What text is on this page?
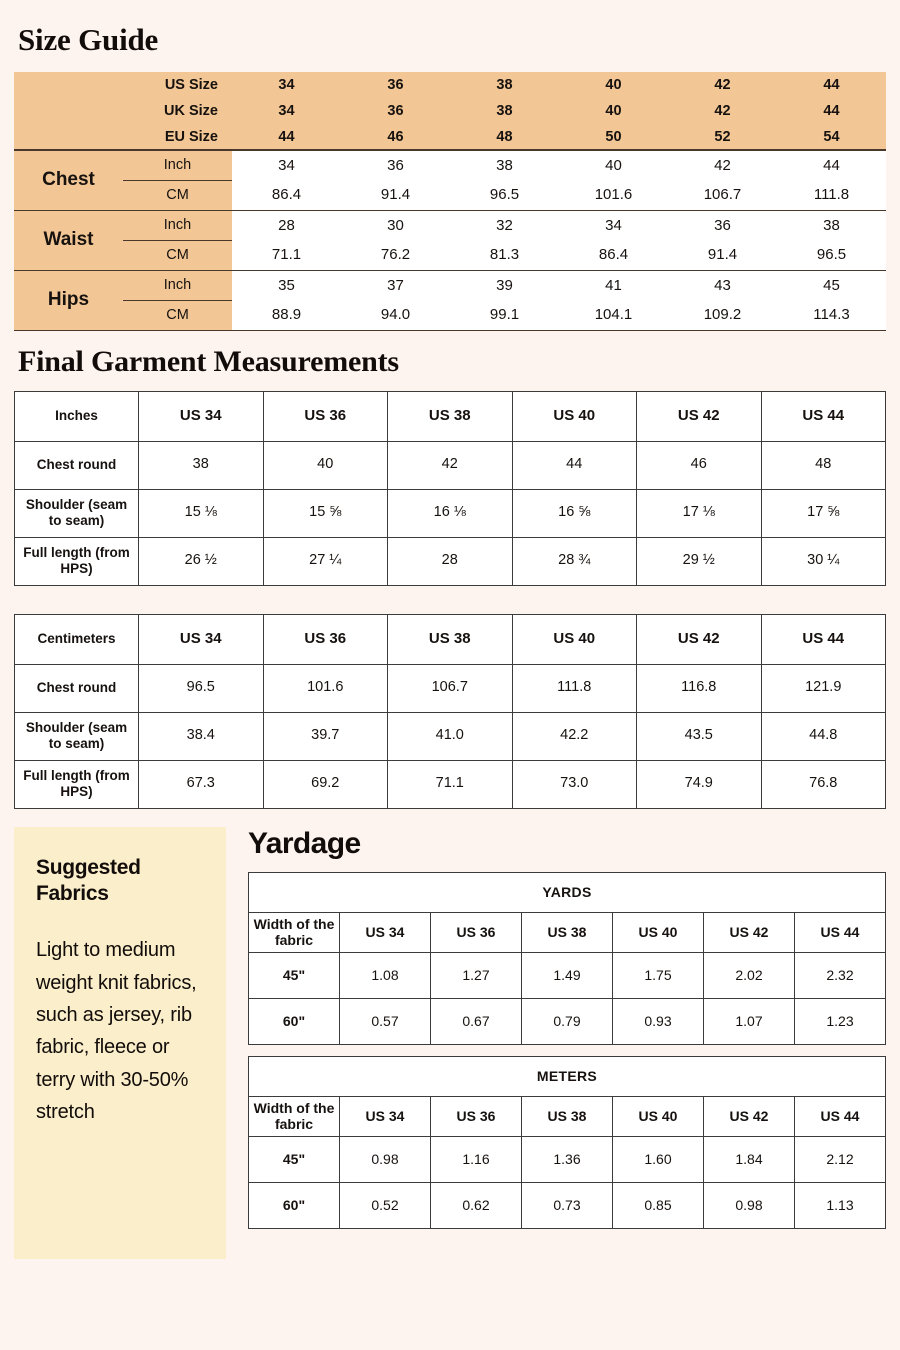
Size Guide
	US Size	34	36	38	40	42	44
	UK Size	34	36	38	40	42	44
	EU Size	44	46	48	50	52	54
Chest	Inch	34	36	38	40	42	44
	CM	86.4	91.4	96.5	101.6	106.7	111.8
Waist	Inch	28	30	32	34	36	38
	CM	71.1	76.2	81.3	86.4	91.4	96.5
Hips	Inch	35	37	39	41	43	45
	CM	88.9	94.0	99.1	104.1	109.2	114.3
Final Garment Measurements
Inches	US 34	US 36	US 38	US 40	US 42	US 44
Chest round	38	40	42	44	46	48
Shoulder (seam to seam)	15 ⅛	15 ⅝	16 ⅛	16 ⅝	17 ⅛	17 ⅝
Full length (from HPS)	26 ½	27 ¼	28	28 ¾	29 ½	30 ¼
Centimeters	US 34	US 36	US 38	US 40	US 42	US 44
Chest round	96.5	101.6	106.7	111.8	116.8	121.9
Shoulder (seam to seam)	38.4	39.7	41.0	42.2	43.5	44.8
Full length (from HPS)	67.3	69.2	71.1	73.0	74.9	76.8
Suggested Fabrics
Light to medium weight knit fabrics, such as jersey, rib fabric, fleece or terry with 30-50% stretch
Yardage
YARDS						
Width of the fabric	US 34	US 36	US 38	US 40	US 42	US 44
45"	1.08	1.27	1.49	1.75	2.02	2.32
60"	0.57	0.67	0.79	0.93	1.07	1.23
METERS						
Width of the fabric	US 34	US 36	US 38	US 40	US 42	US 44
45"	0.98	1.16	1.36	1.60	1.84	2.12
60"	0.52	0.62	0.73	0.85	0.98	1.13
